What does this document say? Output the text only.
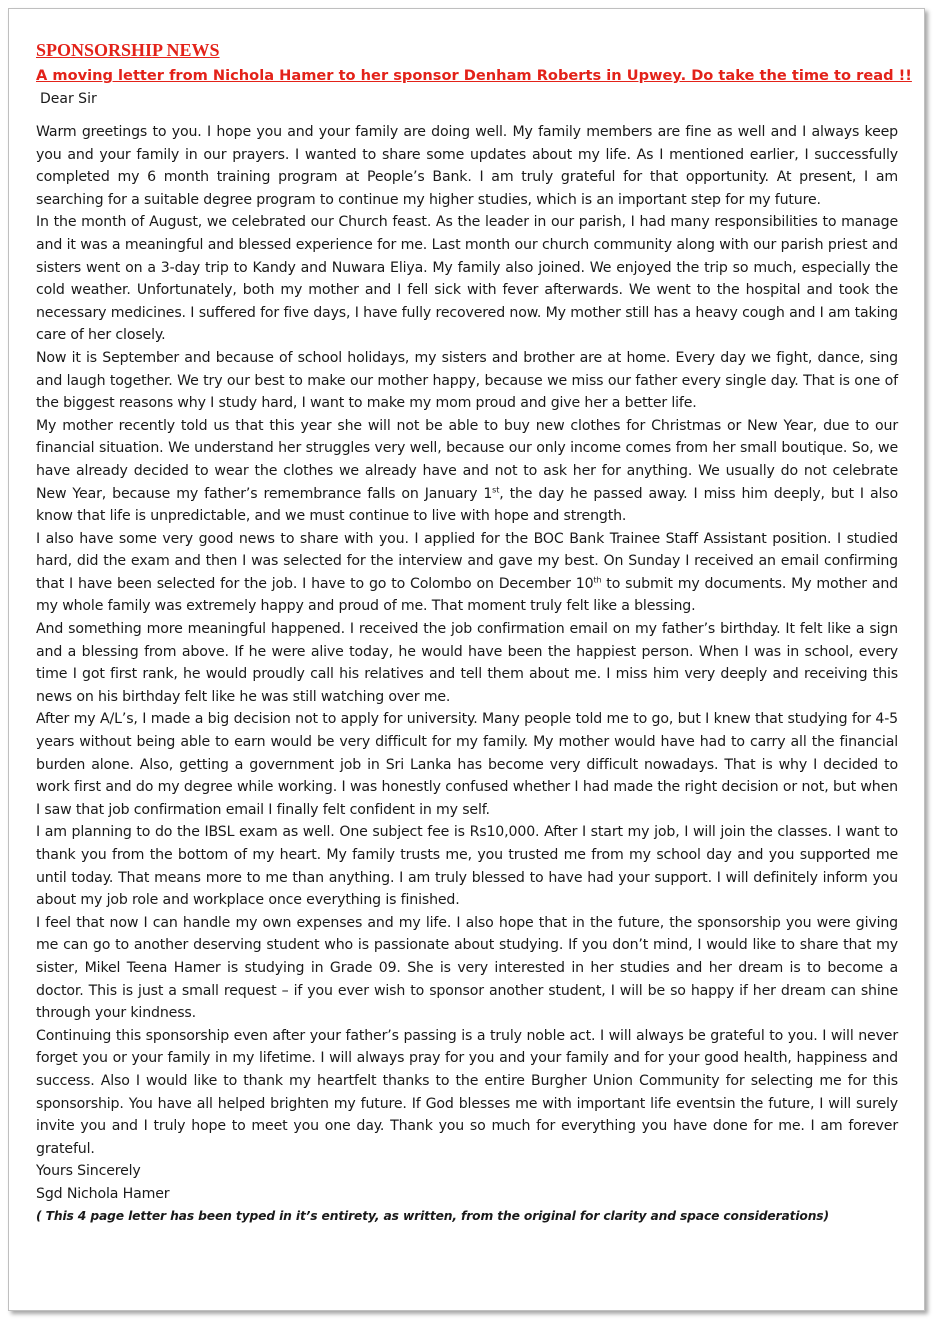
SPONSORSHIP NEWS
A moving letter from Nichola Hamer to her sponsor Denham Roberts in Upwey. Do take the time to read !!
Dear Sir

Warm greetings to you. I hope you and your family are doing well. My family members are fine as well and I always keep you and your family in our prayers. I wanted to share some updates about my life. As I mentioned earlier, I successfully completed my 6 month training program at People’s Bank. I am truly grateful for that opportunity. At present, I am searching for a suitable degree program to continue my higher studies, which is an important step for my future.

In the month of August, we celebrated our Church feast. As the leader in our parish, I had many responsibilities to manage and it was a meaningful and blessed experience for me. Last month our church community along with our parish priest and sisters went on a 3-day trip to Kandy and Nuwara Eliya. My family also joined. We enjoyed the trip so much, especially the cold weather. Unfortunately, both my mother and I fell sick with fever afterwards. We went to the hospital and took the necessary medicines. I suffered for five days, I have fully recovered now. My mother still has a heavy cough and I am taking care of her closely.

Now it is September and because of school holidays, my sisters and brother are at home. Every day we fight, dance, sing and laugh together. We try our best to make our mother happy, because we miss our father every single day. That is one of the biggest reasons why I study hard, I want to make my mom proud and give her a better life.

My mother recently told us that this year she will not be able to buy new clothes for Christmas or New Year, due to our financial situation. We understand her struggles very well, because our only income comes from her small boutique. So, we have already decided to wear the clothes we already have and not to ask her for anything. We usually do not celebrate New Year, because my father’s remembrance falls on January 1st, the day he passed away. I miss him deeply, but I also know that life is unpredictable, and we must continue to live with hope and strength.

I also have some very good news to share with you. I applied for the BOC Bank Trainee Staff Assistant position. I studied hard, did the exam and then I was selected for the interview and gave my best. On Sunday I received an email confirming that I have been selected for the job. I have to go to Colombo on December 10th to submit my documents. My mother and my whole family was extremely happy and proud of me. That moment truly felt like a blessing.

And something more meaningful happened. I received the job confirmation email on my father’s birthday. It felt like a sign and a blessing from above. If he were alive today, he would have been the happiest person. When I was in school, every time I got first rank, he would proudly call his relatives and tell them about me. I miss him very deeply and receiving this news on his birthday felt like he was still watching over me.

After my A/L’s, I made a big decision not to apply for university. Many people told me to go, but I knew that studying for 4-5 years without being able to earn would be very difficult for my family. My mother would have had to carry all the financial burden alone. Also, getting a government job in Sri Lanka has become very difficult nowadays. That is why I decided to work first and do my degree while working. I was honestly confused whether I had made the right decision or not, but when I saw that job confirmation email I finally felt confident in my self.

I am planning to do the IBSL exam as well. One subject fee is Rs10,000. After I start my job, I will join the classes. I want to thank you from the bottom of my heart. My family trusts me, you trusted me from my school day and you supported me until today. That means more to me than anything. I am truly blessed to have had your support. I will definitely inform you about my job role and workplace once everything is finished.

I feel that now I can handle my own expenses and my life. I also hope that in the future, the sponsorship you were giving me can go to another deserving student who is passionate about studying. If you don’t mind, I would like to share that my sister, Mikel Teena Hamer is studying in Grade 09. She is very interested in her studies and her dream is to become a doctor. This is just a small request – if you ever wish to sponsor another student, I will be so happy if her dream can shine through your kindness.

Continuing this sponsorship even after your father’s passing is a truly noble act. I will always be grateful to you. I will never forget you or your family in my lifetime. I will always pray for you and your family and for your good health, happiness and success. Also I would like to thank my heartfelt thanks to the entire Burgher Union Community for selecting me for this sponsorship. You have all helped brighten my future. If God blesses me with important life eventsin the future, I will surely invite you and I truly hope to meet you one day. Thank you so much for everything you have done for me. I am forever grateful.

Yours Sincerely

Sgd Nichola Hamer

( This 4 page letter has been typed in it’s entirety, as written, from the original for clarity and space considerations)
